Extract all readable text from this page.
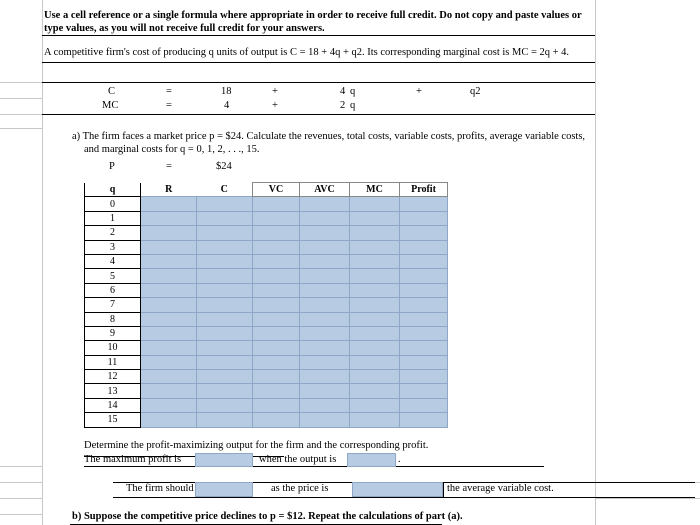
Use a cell reference or a single formula where appropriate in order to receive full credit. Do not copy and paste values or
type values, as you will not receive full credit for your answers.
A competitive firm's cost of producing q units of output is C = 18 + 4q + q2. Its corresponding marginal cost is MC = 2q + 4.
C	=	18	+	4 q	+	q2
MC	=	4	+	2 q
a) The firm faces a market price p = $24. Calculate the revenues, total costs, variable costs, profits, average variable costs,
and marginal costs for q = 0, 1, 2, . . ., 15.
P	=	$24
q	R	C	VC	AVC	MC	Profit
0						
1						
2						
3						
4						
5						
6						
7						
8						
9						
10						
11						
12						
13						
14						
15						
Determine the profit-maximizing output for the firm and the corresponding profit.
The maximum profit is	when the output is	.
The firm should	as the price is	the average variable cost.
b) Suppose the competitive price declines to p = $12. Repeat the calculations of part (a).
